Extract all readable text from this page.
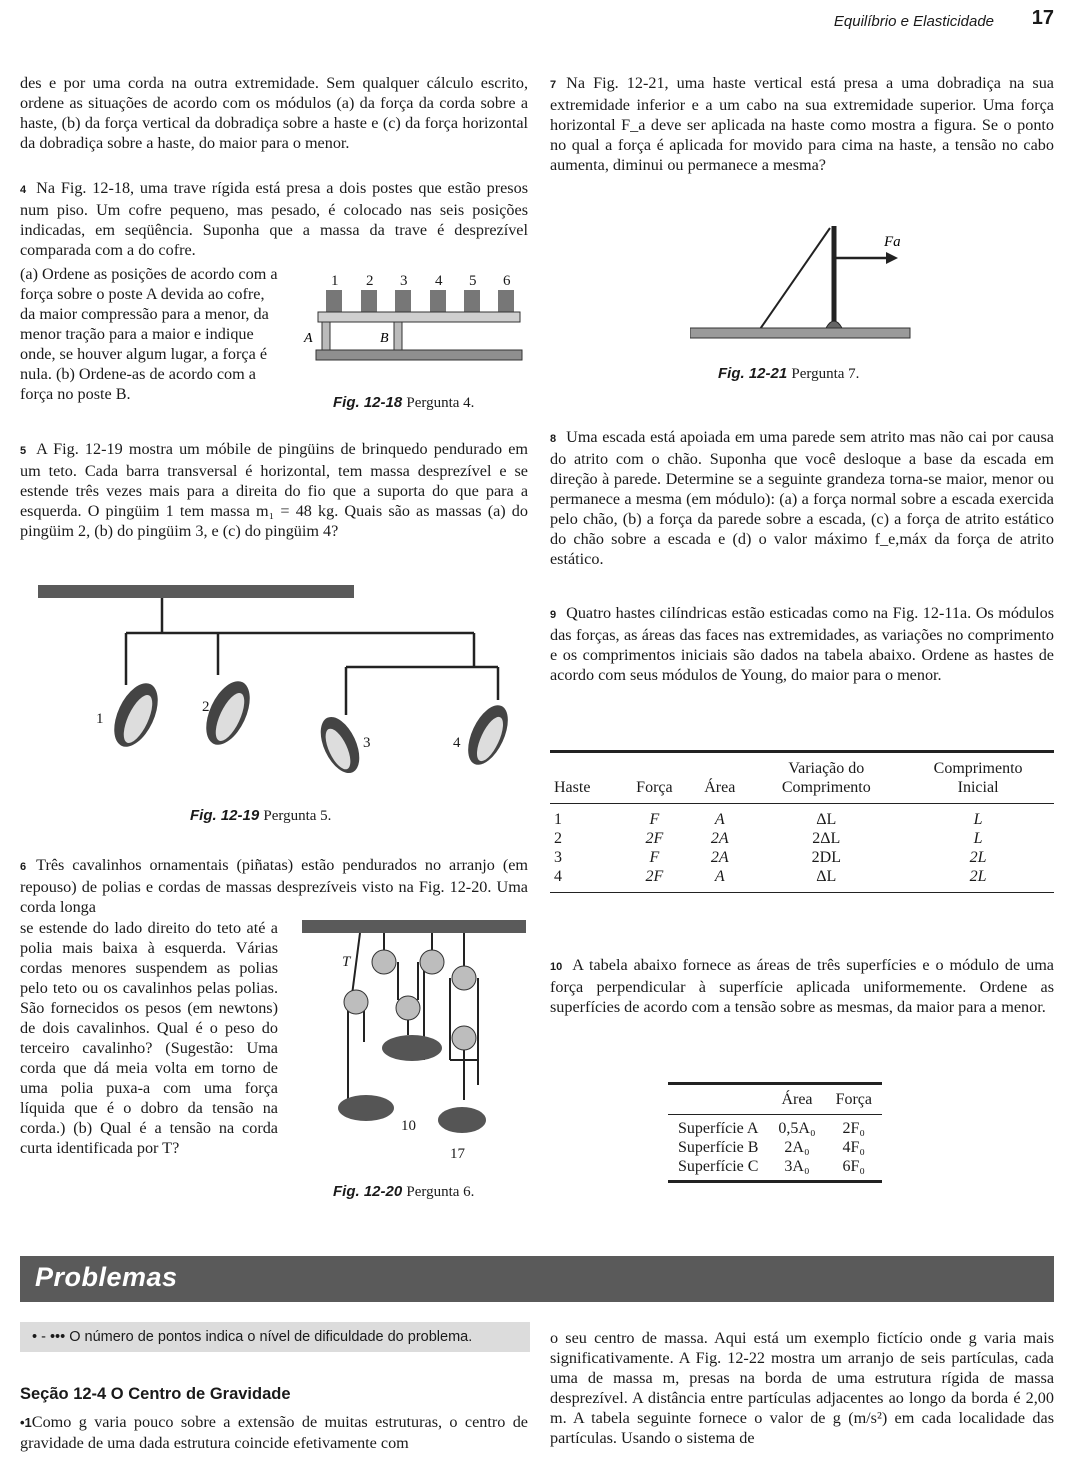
Equilíbrio e Elasticidade 17
des e por uma corda na outra extremidade. Sem qualquer cálculo escrito, ordene as situações de acordo com os módulos (a) da força da corda sobre a haste, (b) da força vertical da dobradiça sobre a haste e (c) da força horizontal da dobradiça sobre a haste, do maior para o menor.
4 Na Fig. 12-18, uma trave rígida está presa a dois postes que estão presos num piso. Um cofre pequeno, mas pesado, é colocado nas seis posições indicadas, em seqüência. Suponha que a massa da trave é desprezível comparada com a do cofre.
(a) Ordene as posições de acordo com a força sobre o poste A devida ao cofre, da maior compressão para a menor, da menor tração para a maior e indique onde, se houver algum lugar, a força é nula. (b) Ordene-as de acordo com a força no poste B.
1 2 3 4 5 6
A	B
Fig. 12-18 Pergunta 4.
5 A Fig. 12-19 mostra um móbile de pingüins de brinquedo pendurado em um teto. Cada barra transversal é horizontal, tem massa desprezível e se estende três vezes mais para a direita do fio que a suporta do que para a esquerda. O pingüim 1 tem massa m₁ = 48 kg. Quais são as massas (a) do pingüim 2, (b) do pingüim 3, e (c) do pingüim 4?
1
2
3	4
Fig. 12-19 Pergunta 5.
6 Três cavalinhos ornamentais (piñatas) estão pendurados no arranjo (em repouso) de polias e cordas de massas desprezíveis visto na Fig. 12-20. Uma corda longa
se estende do lado direito do teto até a polia mais baixa à esquerda. Várias cordas menores suspendem as polias pelo teto ou os cavalinhos pelas polias. São fornecidos os pesos (em newtons) de dois cavalinhos. Qual é o peso do terceiro cavalinho? (Sugestão: Uma corda que dá meia volta em torno de uma polia puxa-a com uma força líquida que é o dobro da tensão na corda.) (b) Qual é a tensão na corda curta identificada por T?
T
10
17
Fig. 12-20 Pergunta 6.
7 Na Fig. 12-21, uma haste vertical está presa a uma dobradiça na sua extremidade inferior e a um cabo na sua extremidade superior. Uma força horizontal F_a deve ser aplicada na haste como mostra a figura. Se o ponto no qual a força é aplicada for movido para cima na haste, a tensão no cabo aumenta, diminui ou permanece a mesma?
Fa
Fig. 12-21 Pergunta 7.
8 Uma escada está apoiada em uma parede sem atrito mas não cai por causa do atrito com o chão. Suponha que você desloque a base da escada em direção à parede. Determine se a seguinte grandeza torna-se maior, menor ou permanece a mesma (em módulo): (a) a força normal sobre a escada exercida pelo chão, (b) a força da parede sobre a escada, (c) a força de atrito estático do chão sobre a escada e (d) o valor máximo f_e,máx da força de atrito estático.
9 Quatro hastes cilíndricas estão esticadas como na Fig. 12-11a. Os módulos das forças, as áreas das faces nas extremidades, as variações no comprimento e os comprimentos iniciais são dados na tabela abaixo. Ordene as hastes de acordo com seus módulos de Young, do maior para o menor.
			Variação do	Comprimento
Haste	Força	Área	Comprimento	Inicial
1	F	A	ΔL	L
2	2F	2A	2ΔL	L
3	F	2A	2DL	2L
4	2F	A	ΔL	2L
10 A tabela abaixo fornece as áreas de três superfícies e o módulo de uma força perpendicular à superfície aplicada uniformemente. Ordene as superfícies de acordo com a tensão sobre as mesmas, da maior para a menor.
	Área	Força
Superfície A	0,5A₀	2F₀
Superfície B	2A₀	4F₀
Superfície C	3A₀	6F₀
Problemas
• - ••• O número de pontos indica o nível de dificuldade do problema.
Seção 12-4 O Centro de Gravidade
•1Como g varia pouco sobre a extensão de muitas estruturas, o centro de gravidade de uma dada estrutura coincide efetivamente com
o seu centro de massa. Aqui está um exemplo fictício onde g varia mais significativamente. A Fig. 12-22 mostra um arranjo de seis partículas, cada uma de massa m, presas na borda de uma estrutura rígida de massa desprezível. A distância entre partículas adjacentes ao longo da borda é 2,00 m. A tabela seguinte fornece o valor de g (m/s²) em cada localidade das partículas. Usando o sistema de
